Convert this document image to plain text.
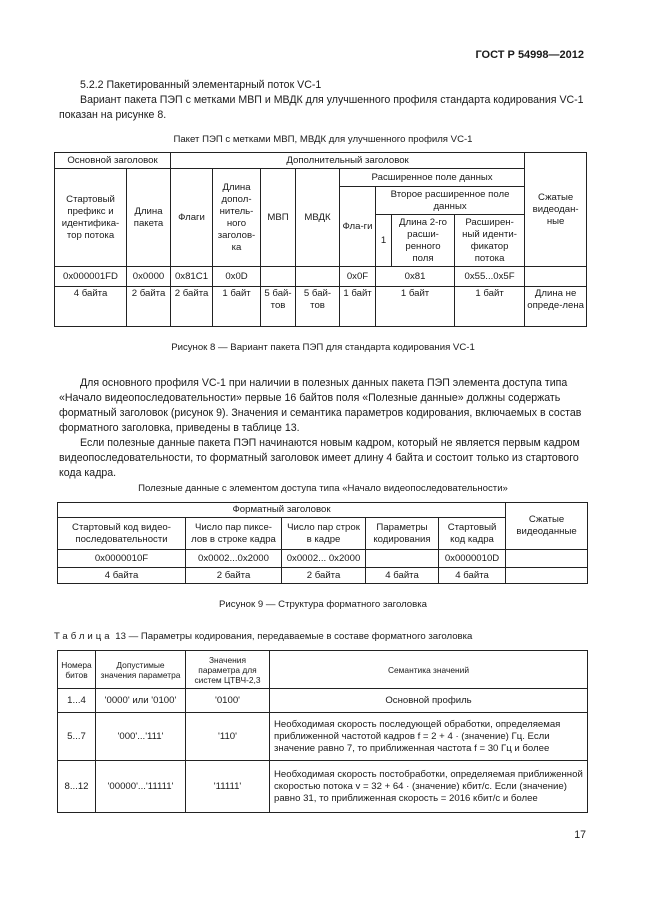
ГОСТ Р 54998—2012
5.2.2 Пакетированный элементарный поток VC-1
Вариант пакета ПЭП с метками МВП и МВДК для улучшенного профиля стандарта кодирования VC-1 показан на рисунке 8.
Пакет ПЭП с метками МВП, МВДК для улучшенного профиля VC-1
Основной заголовок		Дополнительный заголовок								Сжатые видеодан-ные
Стартовый префикс и идентифика-тор потока	Длина пакета	Флаги	Длина допол-нитель-ного заголов-ка	МВП	МВДК	Расширенное поле данных				
						Фла-ги	Второе расширенное поле данных			
							1	Длина 2-го расши-ренного поля	Расширен-ный иденти-фикатор потока	
0x000001FD	0x0000	0x81C1	0x0D			0x0F	0x81		0x55...0x5F	
4 байта	2 байта	2 байта	1 байт	5 бай-тов	5 бай-тов	1 байт	1 байт		1 байт	Длина не опреде-лена
Рисунок 8 — Вариант пакета ПЭП для стандарта кодирования VC-1
Для основного профиля VC-1 при наличии в полезных данных пакета ПЭП элемента доступа типа «Начало видеопоследовательности» первые 16 байтов поля «Полезные данные» должны содержать форматный заголовок (рисунок 9). Значения и семантика параметров кодирования, включаемых в состав форматного заголовка, приведены в таблице 13.
Если полезные данные пакета ПЭП начинаются новым кадром, который не является первым кадром видеопоследовательности, то форматный заголовок имеет длину 4 байта и состоит только из стартового кода кадра.
Полезные данные с элементом доступа типа «Начало видеопоследовательности»
Форматный заголовок					Сжатые видеоданные
Стартовый код видео-последовательности	Число пар пиксе-лов в строке кадра	Число пар строк в кадре	Параметры кодирования	Стартовый код кадра	
0x0000010F	0x0002...0x2000	0x0002... 0x2000		0x0000010D	
4 байта	2 байта	2 байта	4 байта	4 байта	
Рисунок 9 — Структура форматного заголовка
Таблица 13 — Параметры кодирования, передаваемые в составе форматного заголовка
Номера битов	Допустимые значения параметра	Значения параметра для систем ЦТВЧ-2,3	Семантика значений
1...4	'0000' или '0100'	'0100'	Основной профиль
5...7	'000'...'111'	'110'	Необходимая скорость последующей обработки, определяемая приближенной частотой кадров f = 2 + 4 · (значение) Гц. Если значение равно 7, то приближенная частота f = 30 Гц и более
8...12	'00000'...'11111'	'11111'	Необходимая скорость постобработки, определяемая приближенной скоростью потока v = 32 + 64 · (значение) кбит/с. Если (значение) равно 31, то приближенная скорость = 2016 кбит/с и более
17
